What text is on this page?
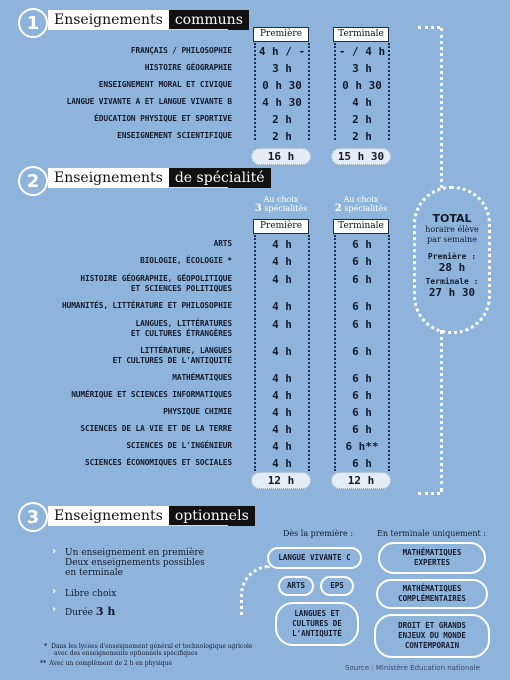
1	Enseignements communs
Première	Terminale
FRANÇAIS / PHILOSOPHIE	4 h / -	- / 4 h
HISTOIRE GÉOGRAPHIE	3 h	3 h
ENSEIGNEMENT MORAL ET CIVIQUE	0 h 30	0 h 30
LANGUE VIVANTE A ET LANGUE VIVANTE B	4 h 30	4 h
ÉDUCATION PHYSIQUE ET SPORTIVE	2 h	2 h
ENSEIGNEMENT SCIENTIFIQUE	2 h	2 h
16 h	15 h 30
2	Enseignements de spécialité
Au choix
3 spécialités
Au choix
2 spécialités
Première	Terminale
ARTS	4 h	6 h
BIOLOGIE, ÉCOLOGIE *	4 h	6 h
HISTOIRE GÉOGRAPHIE, GÉOPOLITIQUE
ET SCIENCES POLITIQUES
4 h	6 h
HUMANITÉS, LITTÉRATURE ET PHILOSOPHIE	4 h	6 h
LANGUES, LITTÉRATURES
ET CULTURES ÉTRANGÈRES
4 h	6 h
LITTÉRATURE, LANGUES
ET CULTURES DE L'ANTIQUITÉ
4 h	6 h
MATHÉMATIQUES	4 h	6 h
NUMÉRIQUE ET SCIENCES INFORMATIQUES	4 h	6 h
PHYSIQUE CHIMIE	4 h	6 h
SCIENCES DE LA VIE ET DE LA TERRE	4 h	6 h
SCIENCES DE L'INGÉNIEUR	4 h	6 h**
SCIENCES ÉCONOMIQUES ET SOCIALES	4 h	6 h
12 h	12 h
TOTAL
horaire élève
par semaine
Première :
28 h
Terminale :
27 h 30
3	Enseignements optionnels
› Un enseignement en première
Deux enseignements possibles
en terminale
› Libre choix
› Durée 3 h
* Dans les lycées d'enseignement général et technologique agricole
avec des enseignements optionnels spécifiques
** Avec un complément de 2 h en physique
Dès la première :	En terminale uniquement :
LANGUE VIVANTE C
ARTS	EPS
LANGUES ET
CULTURES DE
L'ANTIQUITÉ
MATHÉMATIQUES
EXPERTES
MATHÉMATIQUES
COMPLÉMENTAIRES
DROIT ET GRANDS
ENJEUX DU MONDE
CONTEMPORAIN
Source : Ministère Éducation nationale
